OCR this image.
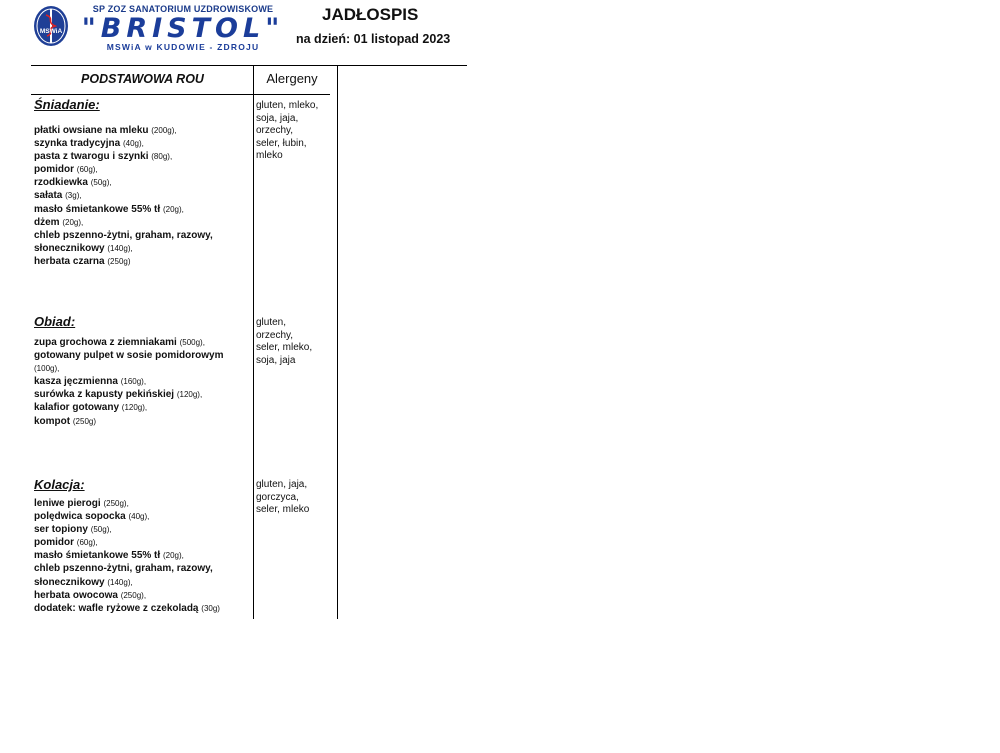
MSWiA
SP ZOZ SANATORIUM UZDROWISKOWE
"BRISTOL"
MSWiA w KUDOWIE - ZDROJU
JADŁOSPIS
na dzień: 01 listopad 2023
PODSTAWOWA ROU	Alergeny
Śniadanie:
płatki owsiane na mleku (200g),
szynka tradycyjna (40g),
pasta z twarogu i szynki (80g),
pomidor (60g),
rzodkiewka (50g),
sałata (3g),
masło śmietankowe 55% tł (20g),
dżem (20g),
chleb pszenno-żytni, graham, razowy,
słonecznikowy (140g),
herbata czarna (250g)
gluten, mleko,
soja, jaja,
orzechy,
seler, łubin,
mleko
Obiad:
zupa grochowa z ziemniakami (500g),
gotowany pulpet w sosie pomidorowym
(100g),
kasza jęczmienna (160g),
surówka z kapusty pekińskiej (120g),
kalafior gotowany (120g),
kompot (250g)
gluten,
orzechy,
seler, mleko,
soja, jaja
Kolacja:
leniwe pierogi (250g),
polędwica sopocka (40g),
ser topiony (50g),
pomidor (60g),
masło śmietankowe 55% tł (20g),
chleb pszenno-żytni, graham, razowy,
słonecznikowy (140g),
herbata owocowa (250g),
dodatek: wafle ryżowe z czekoladą (30g)
gluten, jaja,
gorczyca,
seler, mleko
